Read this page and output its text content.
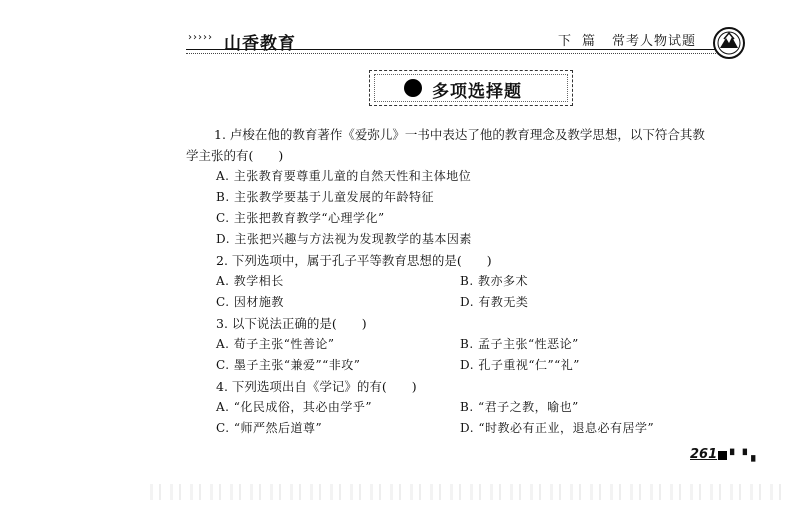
››››› 山香教育	下 篇 常考人物试题
多项选择题

1. 卢梭在他的教育著作《爱弥儿》一书中表达了他的教育理念及教学思想，以下符合其教

学主张的有(　　)

A. 主张教育要尊重儿童的自然天性和主体地位

B. 主张教学要基于儿童发展的年龄特征

C. 主张把教育教学“心理学化”

D. 主张把兴趣与方法视为发现教学的基本因素

2. 下列选项中，属于孔子平等教育思想的是(　　)

A. 教学相长	B. 教亦多术
C. 因材施教	D. 有教无类

3. 以下说法正确的是(　　)

A. 荀子主张“性善论”	B. 孟子主张“性恶论”
C. 墨子主张“兼爱”“非攻”	D. 孔子重视“仁”“礼”

4. 下列选项出自《学记》的有(　　)

A. “化民成俗，其必由学乎”	B. “君子之教，喻也”
C. “师严然后道尊”	D. “时教必有正业，退息必有居学”
261 ▘▝▗
